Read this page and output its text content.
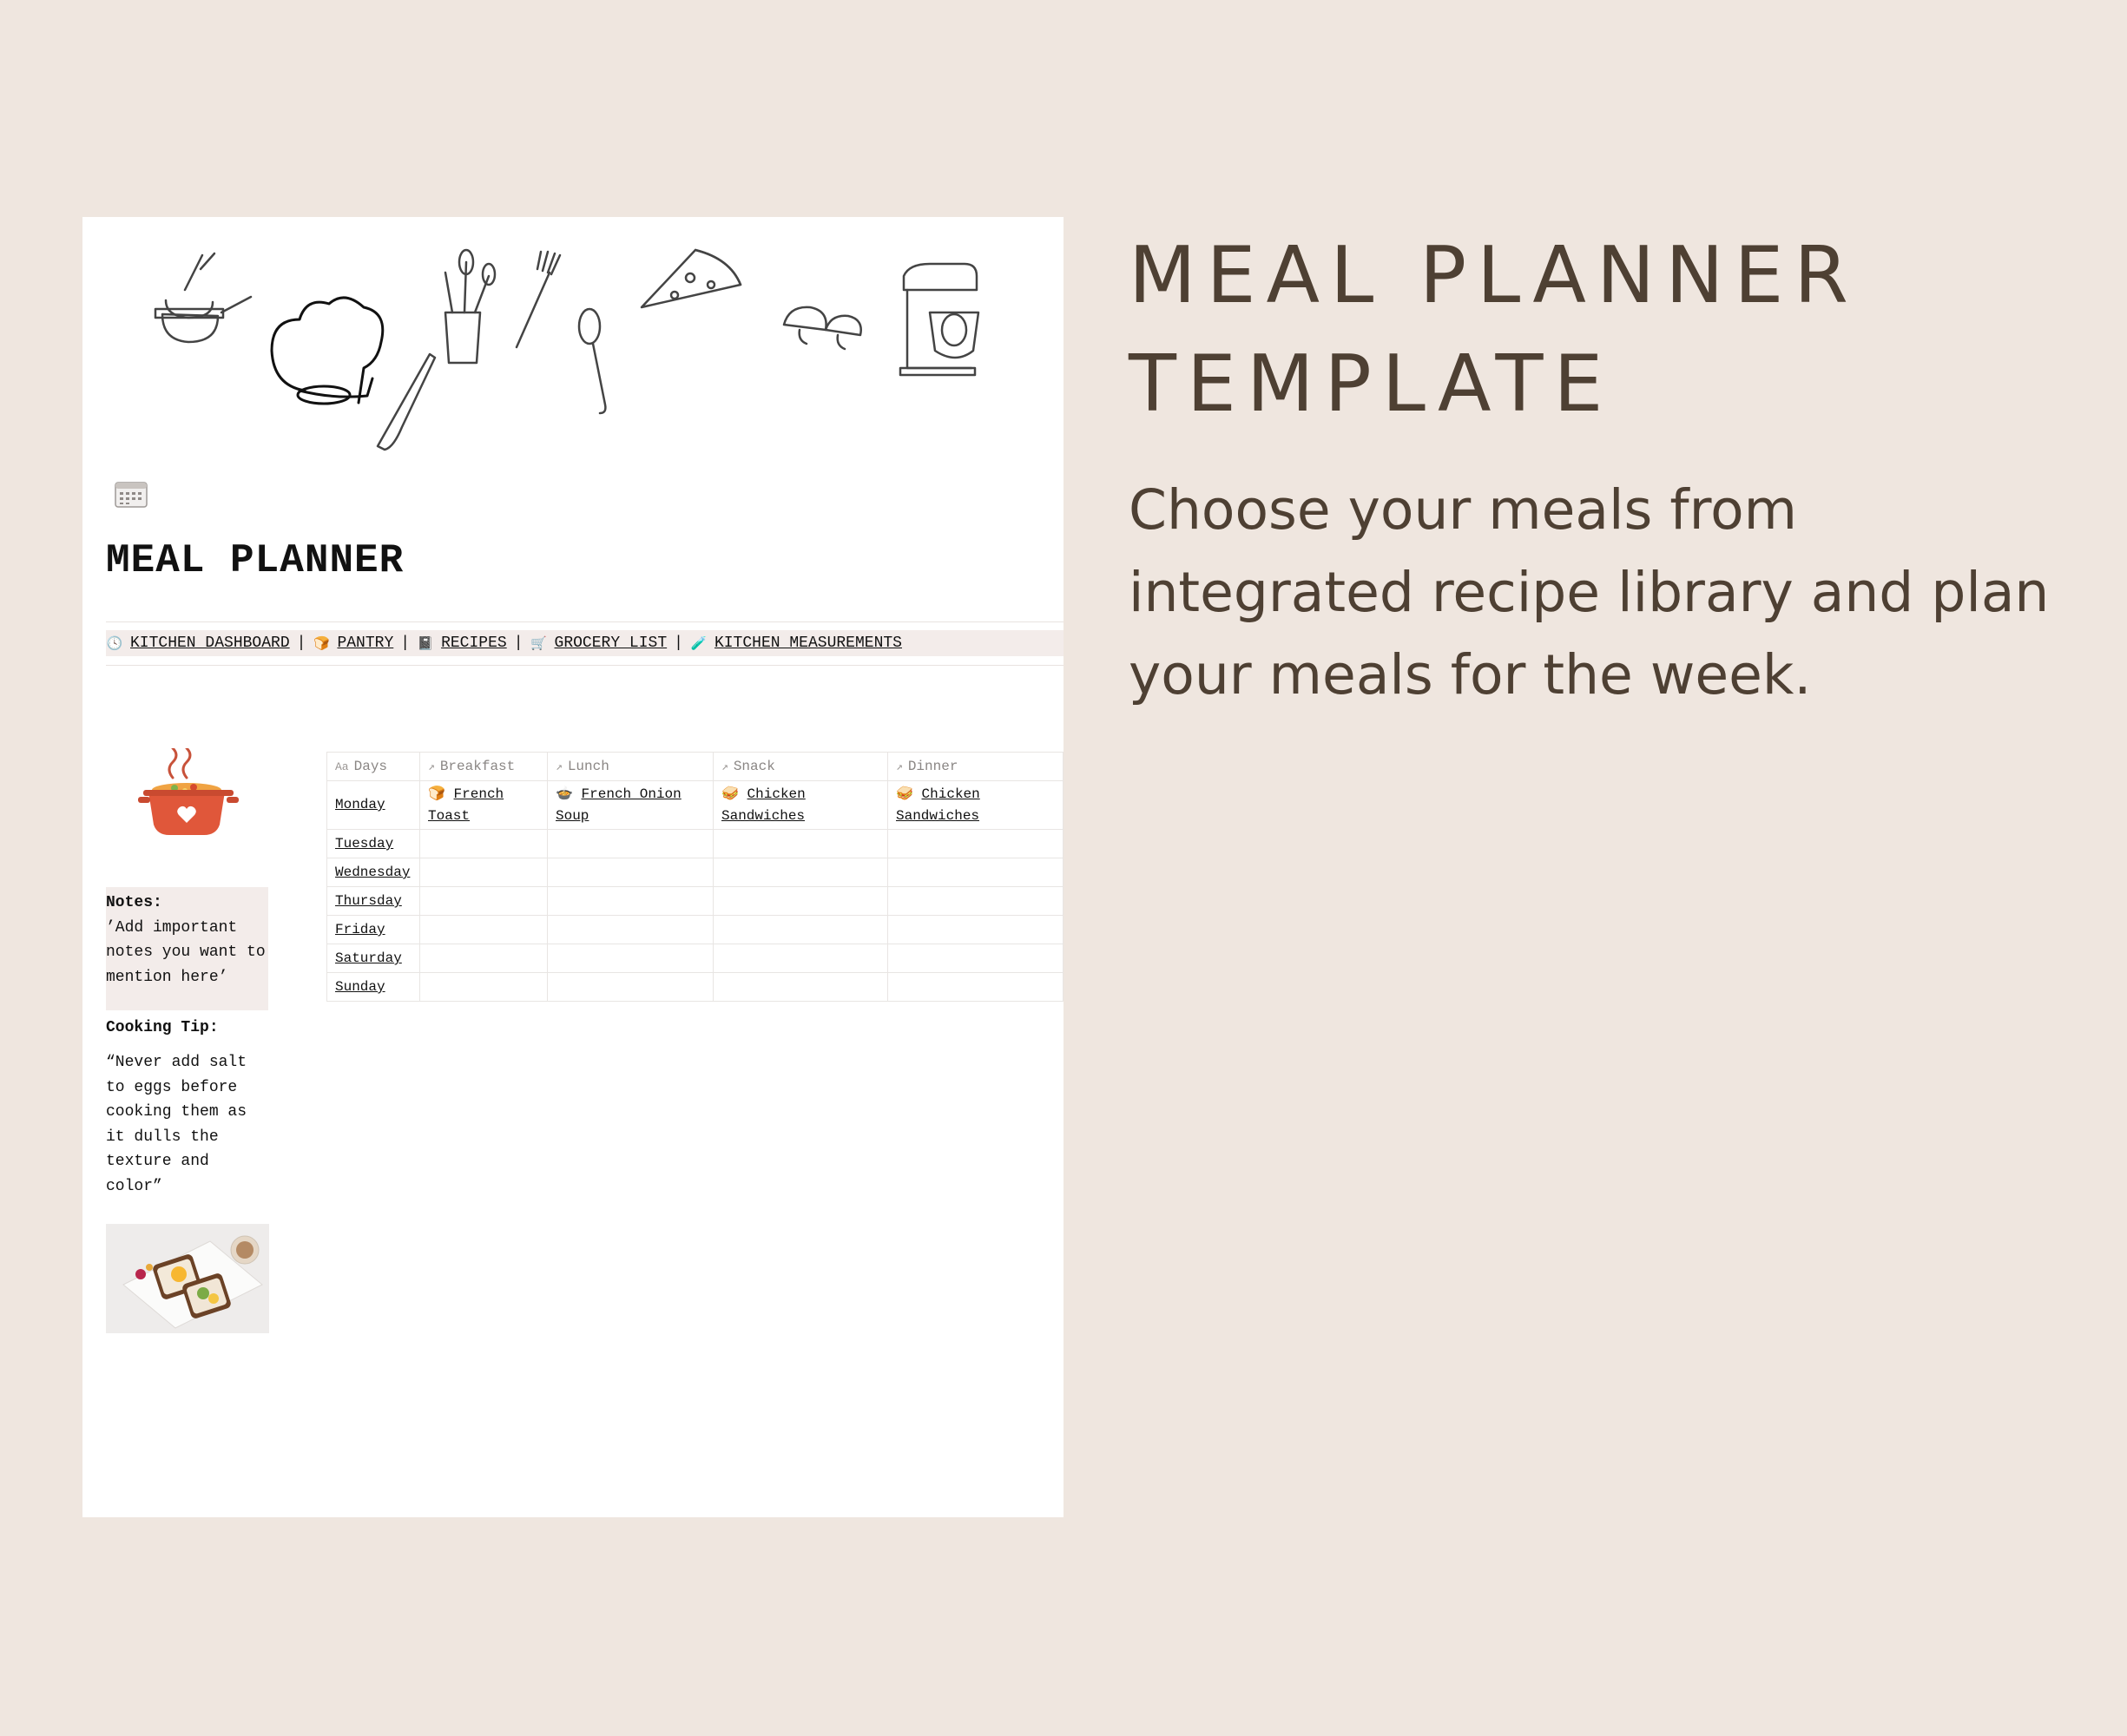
MEAL PLANNER
🕓 KITCHEN DASHBOARD | 🍞 PANTRY | 📓 RECIPES | 🛒 GROCERY LIST | 🧪 KITCHEN MEASUREMENTS
Notes:
’Add important notes you want to mention here’
Cooking Tip:
“Never add salt to eggs before cooking them as it dulls the texture and color”
Aa Days	↗ Breakfast	↗ Lunch	↗ Snack	↗ Dinner
Monday	🍞 French Toast	🍲 French Onion Soup	🥪 Chicken Sandwiches	🥪 Chicken Sandwiches
Tuesday				
Wednesday				
Thursday				
Friday				
Saturday				
Sunday				
MEAL PLANNER
TEMPLATE

Choose your meals from integrated recipe library and plan your meals for the week.
